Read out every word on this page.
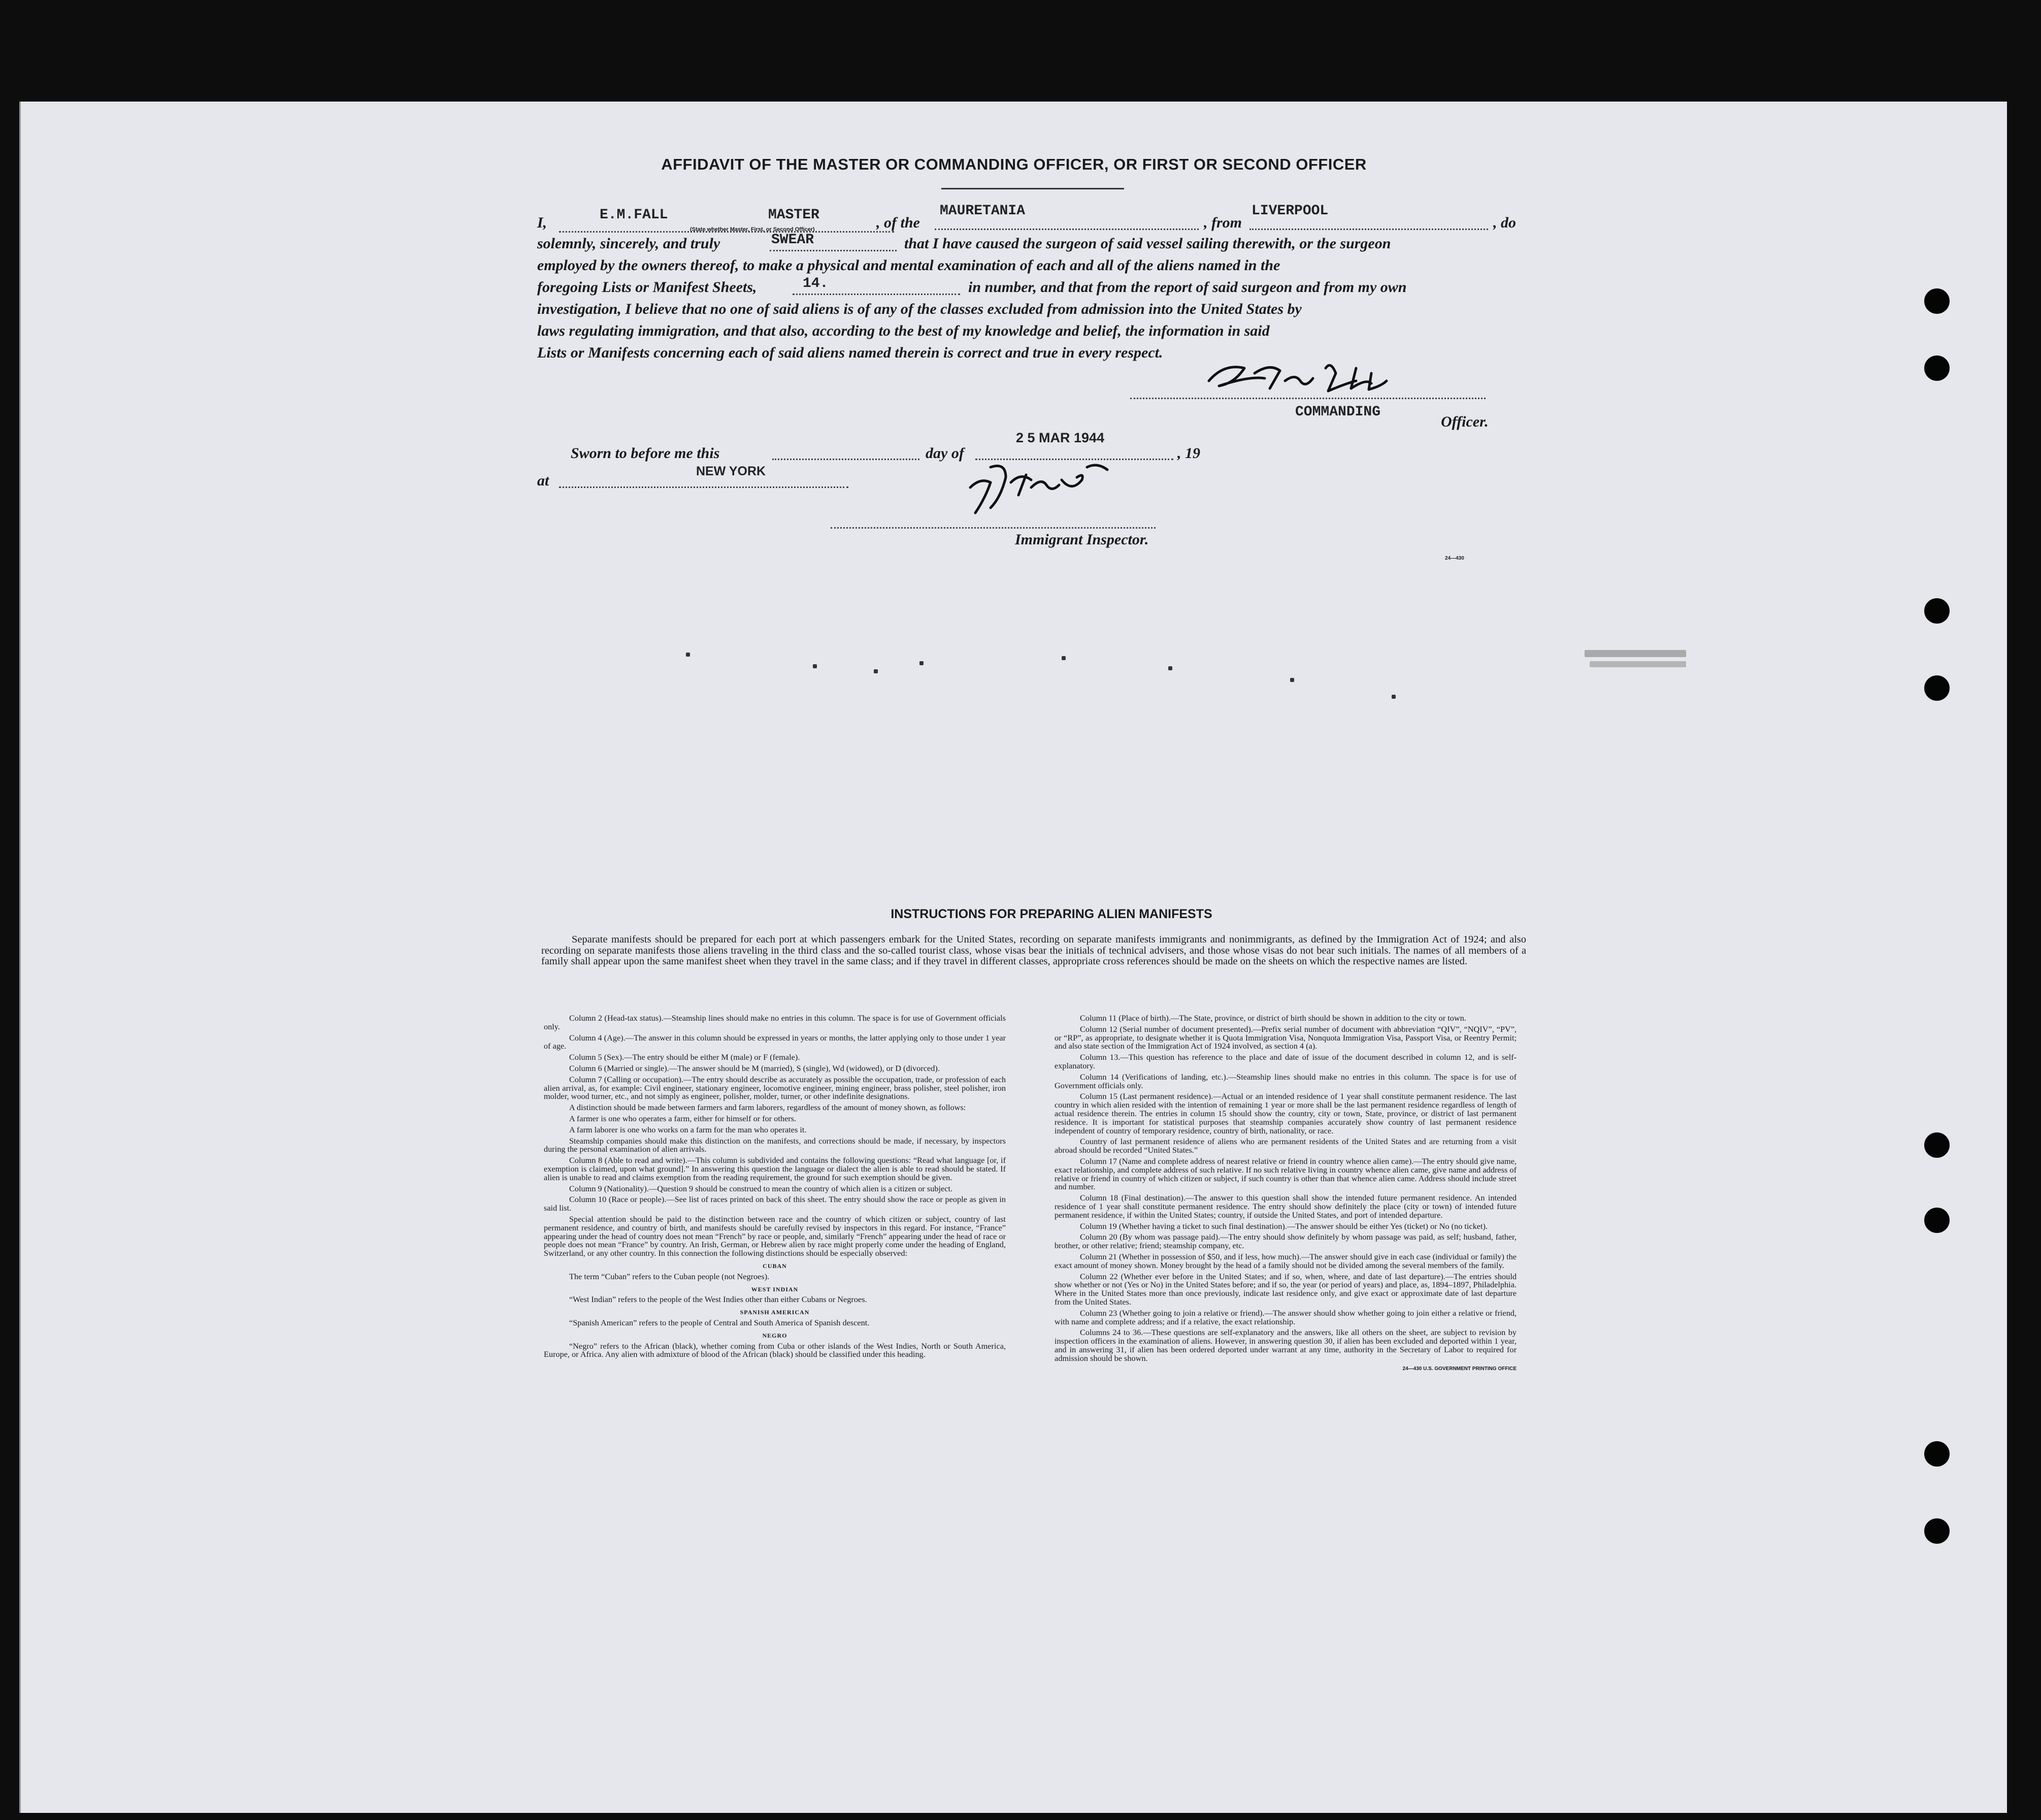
AFFIDAVIT OF THE MASTER OR COMMANDING OFFICER, OR FIRST OR SECOND OFFICER
I,	E.M.FALL	MASTER
(State whether Master, First, or Second Officer)	, of the
MAURETANIA
, from
LIVERPOOL
, do
solemnly, sincerely, and truly	SWEAR	that I have caused the surgeon of said vessel sailing therewith, or the surgeon
employed by the owners thereof, to make a physical and mental examination of each and all of the aliens named in the
foregoing Lists or Manifest Sheets,	14.	in number, and that from the report of said surgeon and from my own
investigation, I believe that no one of said aliens is of any of the classes excluded from admission into the United States by
laws regulating immigration, and that also, according to the best of my knowledge and belief, the information in said
Lists or Manifests concerning each of said aliens named therein is correct and true in every respect.
COMMANDING
Officer.
Sworn to before me this	day of
2 5 MAR 1944
, 19
at
NEW YORK
Immigrant Inspector.
24—430
INSTRUCTIONS FOR PREPARING ALIEN MANIFESTS
Separate manifests should be prepared for each port at which passengers embark for the United States, recording on separate manifests immigrants and nonimmigrants, as defined by the Immigration Act of 1924; and also recording on separate manifests those aliens traveling in the third class and the so-called tourist class, whose visas bear the initials of technical advisers, and those whose visas do not bear such initials. The names of all members of a family shall appear upon the same manifest sheet when they travel in the same class; and if they travel in different classes, appropriate cross references should be made on the sheets on which the respective names are listed.

Column 2 (Head-tax status).—Steamship lines should make no entries in this column. The space is for use of Government officials only.

Column 4 (Age).—The answer in this column should be expressed in years or months, the latter applying only to those under 1 year of age.

Column 5 (Sex).—The entry should be either M (male) or F (female).

Column 6 (Married or single).—The answer should be M (married), S (single), Wd (widowed), or D (divorced).

Column 7 (Calling or occupation).—The entry should describe as accurately as possible the occupation, trade, or profession of each alien arrival, as, for example: Civil engineer, stationary engineer, locomotive engineer, mining engineer, brass polisher, steel polisher, iron molder, wood turner, etc., and not simply as engineer, polisher, molder, turner, or other indefinite designations.

A distinction should be made between farmers and farm laborers, regardless of the amount of money shown, as follows:

A farmer is one who operates a farm, either for himself or for others.

A farm laborer is one who works on a farm for the man who operates it.

Steamship companies should make this distinction on the manifests, and corrections should be made, if necessary, by inspectors during the personal examination of alien arrivals.

Column 8 (Able to read and write).—This column is subdivided and contains the following questions: “Read what language [or, if exemption is claimed, upon what ground].” In answering this question the language or dialect the alien is able to read should be stated. If alien is unable to read and claims exemption from the reading requirement, the ground for such exemption should be given.

Column 9 (Nationality).—Question 9 should be construed to mean the country of which alien is a citizen or subject.

Column 10 (Race or people).—See list of races printed on back of this sheet. The entry should show the race or people as given in said list.

Special attention should be paid to the distinction between race and the country of which citizen or subject, country of last permanent residence, and country of birth, and manifests should be carefully revised by inspectors in this regard. For instance, “France” appearing under the head of country does not mean “French” by race or people, and, similarly “French” appearing under the head of race or people does not mean “France” by country. An Irish, German, or Hebrew alien by race might properly come under the heading of England, Switzerland, or any other country. In this connection the following distinctions should be especially observed:

CUBAN

The term “Cuban” refers to the Cuban people (not Negroes).

WEST INDIAN

“West Indian” refers to the people of the West Indies other than either Cubans or Negroes.

SPANISH AMERICAN

“Spanish American” refers to the people of Central and South America of Spanish descent.

NEGRO

“Negro” refers to the African (black), whether coming from Cuba or other islands of the West Indies, North or South America, Europe, or Africa. Any alien with admixture of blood of the African (black) should be classified under this heading.

Column 11 (Place of birth).—The State, province, or district of birth should be shown in addition to the city or town.

Column 12 (Serial number of document presented).—Prefix serial number of document with abbreviation “QIV”, “NQIV”, “PV”, or “RP”, as appropriate, to designate whether it is Quota Immigration Visa, Nonquota Immigration Visa, Passport Visa, or Reentry Permit; and also state section of the Immigration Act of 1924 involved, as section 4 (a).

Column 13.—This question has reference to the place and date of issue of the document described in column 12, and is self-explanatory.

Column 14 (Verifications of landing, etc.).—Steamship lines should make no entries in this column. The space is for use of Government officials only.

Column 15 (Last permanent residence).—Actual or an intended residence of 1 year shall constitute permanent residence. The last country in which alien resided with the intention of remaining 1 year or more shall be the last permanent residence regardless of length of actual residence therein. The entries in column 15 should show the country, city or town, State, province, or district of last permanent residence. It is important for statistical purposes that steamship companies accurately show country of last permanent residence independent of country of temporary residence, country of birth, nationality, or race.

Country of last permanent residence of aliens who are permanent residents of the United States and are returning from a visit abroad should be recorded “United States.”

Column 17 (Name and complete address of nearest relative or friend in country whence alien came).—The entry should give name, exact relationship, and complete address of such relative. If no such relative living in country whence alien came, give name and address of relative or friend in country of which citizen or subject, if such country is other than that whence alien came. Address should include street and number.

Column 18 (Final destination).—The answer to this question shall show the intended future permanent residence. An intended residence of 1 year shall constitute permanent residence. The entry should show definitely the place (city or town) of intended future permanent residence, if within the United States; country, if outside the United States, and port of intended departure.

Column 19 (Whether having a ticket to such final destination).—The answer should be either Yes (ticket) or No (no ticket).

Column 20 (By whom was passage paid).—The entry should show definitely by whom passage was paid, as self; husband, father, brother, or other relative; friend; steamship company, etc.

Column 21 (Whether in possession of $50, and if less, how much).—The answer should give in each case (individual or family) the exact amount of money shown. Money brought by the head of a family should not be divided among the several members of the family.

Column 22 (Whether ever before in the United States; and if so, when, where, and date of last departure).—The entries should show whether or not (Yes or No) in the United States before; and if so, the year (or period of years) and place, as, 1894–1897, Philadelphia. Where in the United States more than once previously, indicate last residence only, and give exact or approximate date of last departure from the United States.

Column 23 (Whether going to join a relative or friend).—The answer should show whether going to join either a relative or friend, with name and complete address; and if a relative, the exact relationship.

Columns 24 to 36.—These questions are self-explanatory and the answers, like all others on the sheet, are subject to revision by inspection officers in the examination of aliens. However, in answering question 30, if alien has been excluded and deported within 1 year, and in answering 31, if alien has been ordered deported under warrant at any time, authority in the Secretary of Labor to required for admission should be shown.

24—430 U.S. GOVERNMENT PRINTING OFFICE
